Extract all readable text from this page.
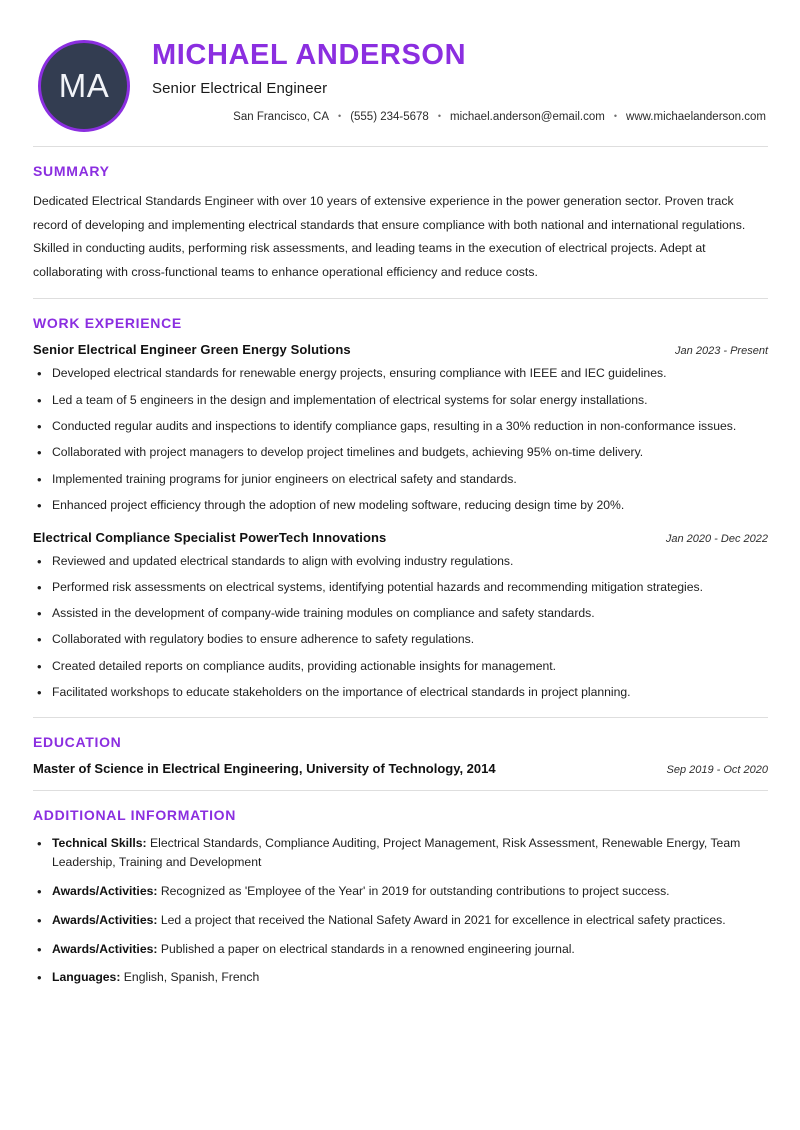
MA
MICHAEL ANDERSON
Senior Electrical Engineer
San Francisco, CA • (555) 234-5678 • michael.anderson@email.com • www.michaelanderson.com
SUMMARY

Dedicated Electrical Standards Engineer with over 10 years of extensive experience in the power generation sector. Proven track record of developing and implementing electrical standards that ensure compliance with both national and international regulations. Skilled in conducting audits, performing risk assessments, and leading teams in the execution of electrical projects. Adept at collaborating with cross-functional teams to enhance operational efficiency and reduce costs.

WORK EXPERIENCE
Senior Electrical Engineer Green Energy Solutions	Jan 2023 - Present
• Developed electrical standards for renewable energy projects, ensuring compliance with IEEE and IEC guidelines.
• Led a team of 5 engineers in the design and implementation of electrical systems for solar energy installations.
• Conducted regular audits and inspections to identify compliance gaps, resulting in a 30% reduction in non-conformance issues.
• Collaborated with project managers to develop project timelines and budgets, achieving 95% on-time delivery.
• Implemented training programs for junior engineers on electrical safety and standards.
• Enhanced project efficiency through the adoption of new modeling software, reducing design time by 20%.
Electrical Compliance Specialist PowerTech Innovations	Jan 2020 - Dec 2022
• Reviewed and updated electrical standards to align with evolving industry regulations.
• Performed risk assessments on electrical systems, identifying potential hazards and recommending mitigation strategies.
• Assisted in the development of company-wide training modules on compliance and safety standards.
• Collaborated with regulatory bodies to ensure adherence to safety regulations.
• Created detailed reports on compliance audits, providing actionable insights for management.
• Facilitated workshops to educate stakeholders on the importance of electrical standards in project planning.
EDUCATION
Master of Science in Electrical Engineering, University of Technology, 2014	Sep 2019 - Oct 2020
ADDITIONAL INFORMATION
• Technical Skills: Electrical Standards, Compliance Auditing, Project Management, Risk Assessment, Renewable Energy, Team Leadership, Training and Development
• Awards/Activities: Recognized as 'Employee of the Year' in 2019 for outstanding contributions to project success.
• Awards/Activities: Led a project that received the National Safety Award in 2021 for excellence in electrical safety practices.
• Awards/Activities: Published a paper on electrical standards in a renowned engineering journal.
• Languages: English, Spanish, French
